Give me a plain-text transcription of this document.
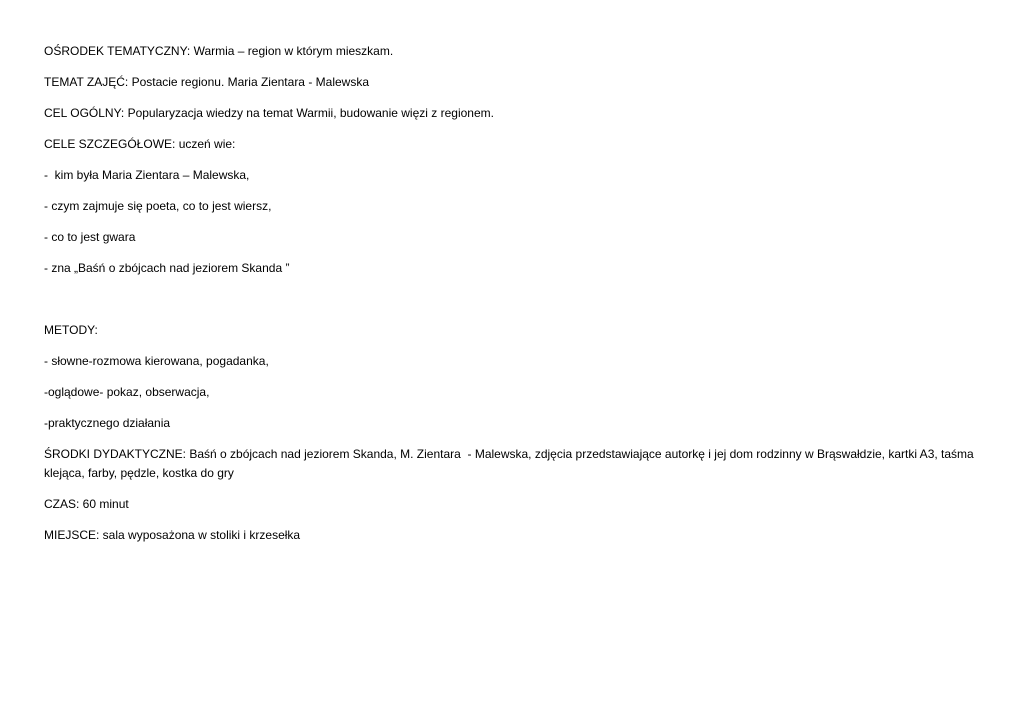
OŚRODEK TEMATYCZNY: Warmia – region w którym mieszkam.

TEMAT ZAJĘĆ: Postacie regionu. Maria Zientara - Malewska

CEL OGÓLNY: Popularyzacja wiedzy na temat Warmii, budowanie więzi z regionem.

CELE SZCZEGÓŁOWE: uczeń wie:

-  kim była Maria Zientara – Malewska,

- czym zajmuje się poeta, co to jest wiersz,

- co to jest gwara

- zna „Baśń o zbójcach nad jeziorem Skanda ”

METODY:

- słowne-rozmowa kierowana, pogadanka,

-oglądowe- pokaz, obserwacja,

-praktycznego działania

ŚRODKI DYDAKTYCZNE: Baśń o zbójcach nad jeziorem Skanda, M. Zientara  - Malewska, zdjęcia przedstawiające autorkę i jej dom rodzinny w Brąswałdzie, kartki A3, taśma klejąca, farby, pędzle, kostka do gry

CZAS: 60 minut

MIEJSCE: sala wyposażona w stoliki i krzesełka
